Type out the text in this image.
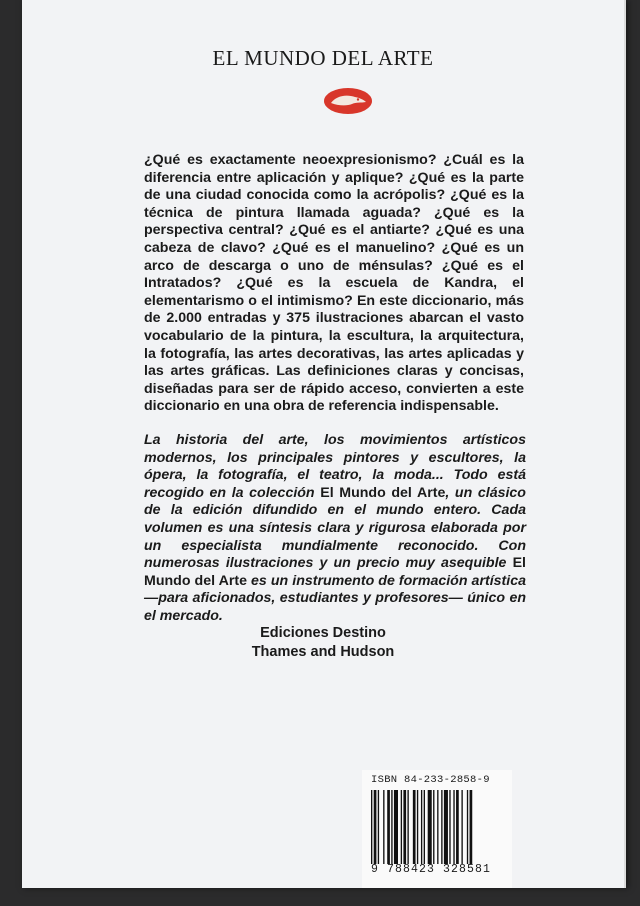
EL MUNDO DEL ARTE

¿Qué es exactamente neoexpresionismo? ¿Cuál es la diferencia entre aplicación y aplique? ¿Qué es la parte de una ciudad conocida como la acrópolis? ¿Qué es la técnica de pintura llamada aguada? ¿Qué es la perspectiva central? ¿Qué es el antiarte? ¿Qué es una cabeza de clavo? ¿Qué es el manuelino? ¿Qué es un arco de descarga o uno de ménsulas? ¿Qué es el Intratados? ¿Qué es la escuela de Kandra, el elementarismo o el intimismo? En este diccionario, más de 2.000 entradas y 375 ilustraciones abarcan el vasto vocabulario de la pintura, la escultura, la arquitectura, la fotografía, las artes decorativas, las artes aplicadas y las artes gráficas. Las definiciones claras y concisas, diseñadas para ser de rápido acceso, convierten a este diccionario en una obra de referencia indispensable.

La historia del arte, los movimientos artísticos modernos, los principales pintores y escultores, la ópera, la fotografía, el teatro, la moda... Todo está recogido en la colección El Mundo del Arte, un clásico de la edición difundido en el mundo entero. Cada volumen es una síntesis clara y rigurosa elaborada por un especialista mundialmente reconocido. Con numerosas ilustraciones y un precio muy asequible El Mundo del Arte es un instrumento de formación artística —para aficionados, estudiantes y profesores— único en el mercado.

Ediciones Destino
Thames and Hudson
ISBN 84-233-2858-9
9 788423 328581
